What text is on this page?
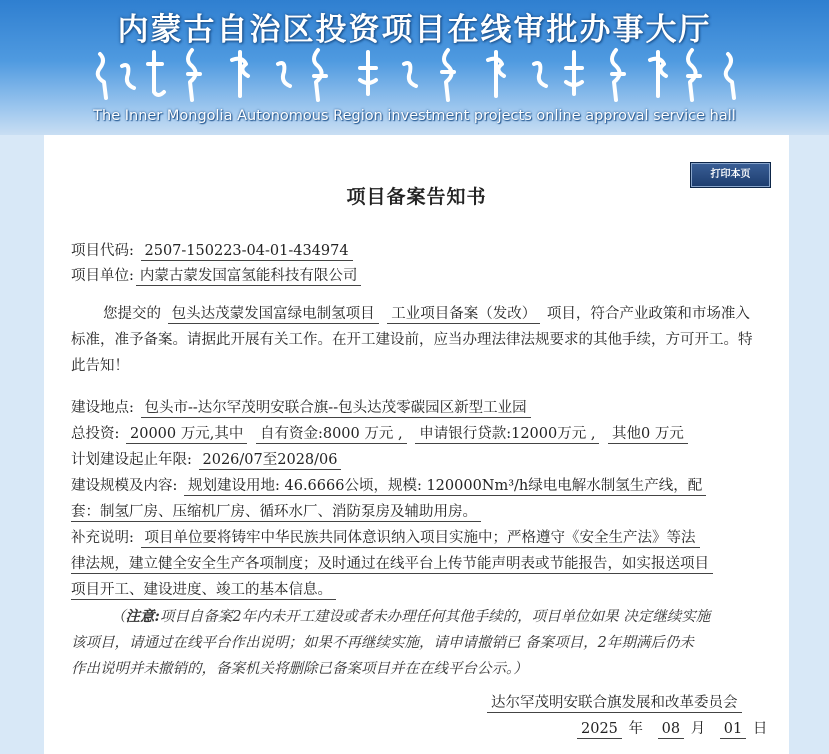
内蒙古自治区投资项目在线审批办事大厅
The Inner Mongolia Autonomous Region investment projects online approval service hall
打印本页
项目备案告知书
项目代码: 2507-150223-04-01-434974
项目单位: 内蒙古蒙发国富氢能科技有限公司
您提交的 包头达茂蒙发国富绿电制氢项目 工业项目备案（发改） 项目，符合产业政策和市场准入标准，准予备案。请据此开展有关工作。在开工建设前，应当办理法律法规要求的其他手续，方可开工。特此告知！
建设地点: 包头市--达尔罕茂明安联合旗--包头达茂零碳园区新型工业园
总投资: 20000 万元,其中 自有资金:8000 万元 , 申请银行贷款:12000万元 , 其他0 万元
计划建设起止年限: 2026/07至2028/06
建设规模及内容: 规划建设用地: 46.6666公顷，规模: 120000Nm³/h绿电电解水制氢生产线，配
套：制氢厂房、压缩机厂房、循环水厂、消防泵房及辅助用房。
补充说明: 项目单位要将铸牢中华民族共同体意识纳入项目实施中；严格遵守《安全生产法》等法
律法规，建立健全安全生产各项制度；及时通过在线平台上传节能声明表或节能报告，如实报送项目
项目开工、建设进度、竣工的基本信息。
（注意:项目自备案2年内未开工建设或者未办理任何其他手续的，项目单位如果 决定继续实施
该项目，请通过在线平台作出说明；如果不再继续实施，请申请撤销已 备案项目，2年期满后仍未
作出说明并未撤销的，备案机关将删除已备案项目并在在线平台公示。）
达尔罕茂明安联合旗发展和改革委员会
2025 年 08 月 01 日
